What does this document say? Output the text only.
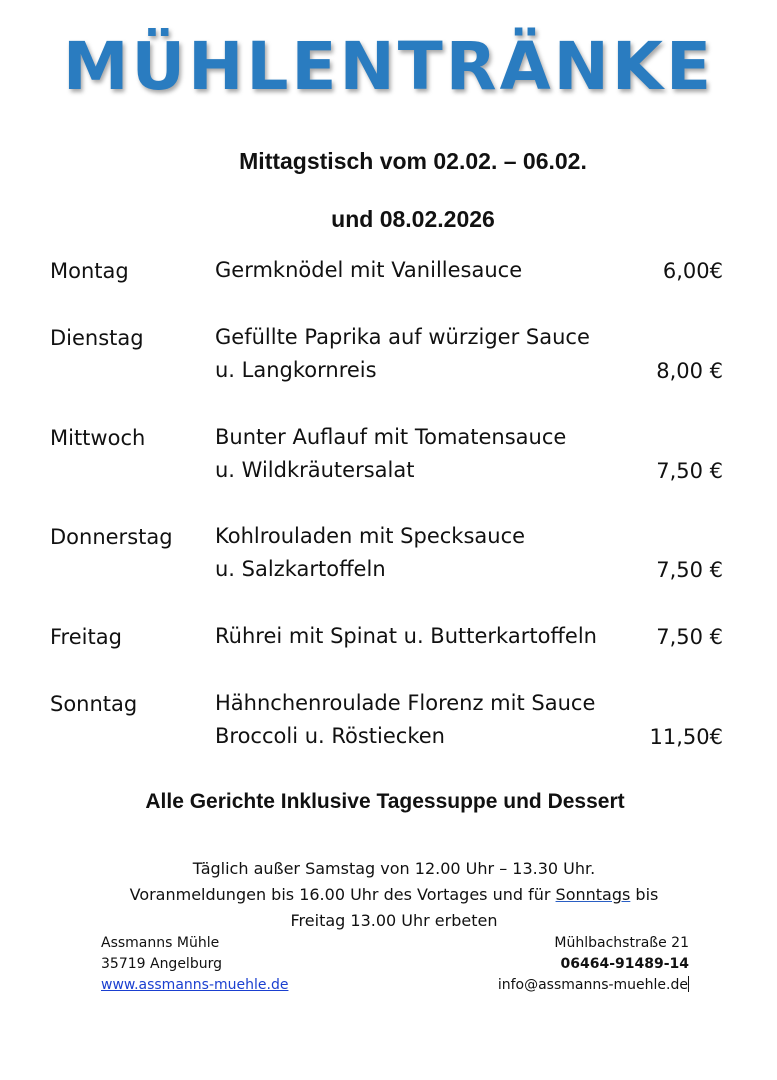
MÜHLENTRÄNKE
Mittagstisch vom 02.02. – 06.02.
und 08.02.2026
Montag	Germknödel mit Vanillesauce	6,00€
Dienstag	Gefüllte Paprika auf würziger Sauce
u. Langkornreis	8,00 €
Mittwoch	Bunter Auflauf mit Tomatensauce
u. Wildkräutersalat	7,50 €
Donnerstag Kohlrouladen mit Specksauce
u. Salzkartoffeln	7,50 €
Freitag	Rührei mit Spinat u. Butterkartoffeln	7,50 €
Sonntag	Hähnchenroulade Florenz mit Sauce
Broccoli u. Röstiecken	11,50€
Alle Gerichte Inklusive Tagessuppe und Dessert
Täglich außer Samstag von 12.00 Uhr – 13.30 Uhr.
Voranmeldungen bis 16.00 Uhr des Vortages und für Sonntags bis
Freitag 13.00 Uhr erbeten
Assmanns Mühle
35719 Angelburg
www.assmanns-muehle.de
Mühlbachstraße 21
06464-91489-14
info@assmanns-muehle.de
